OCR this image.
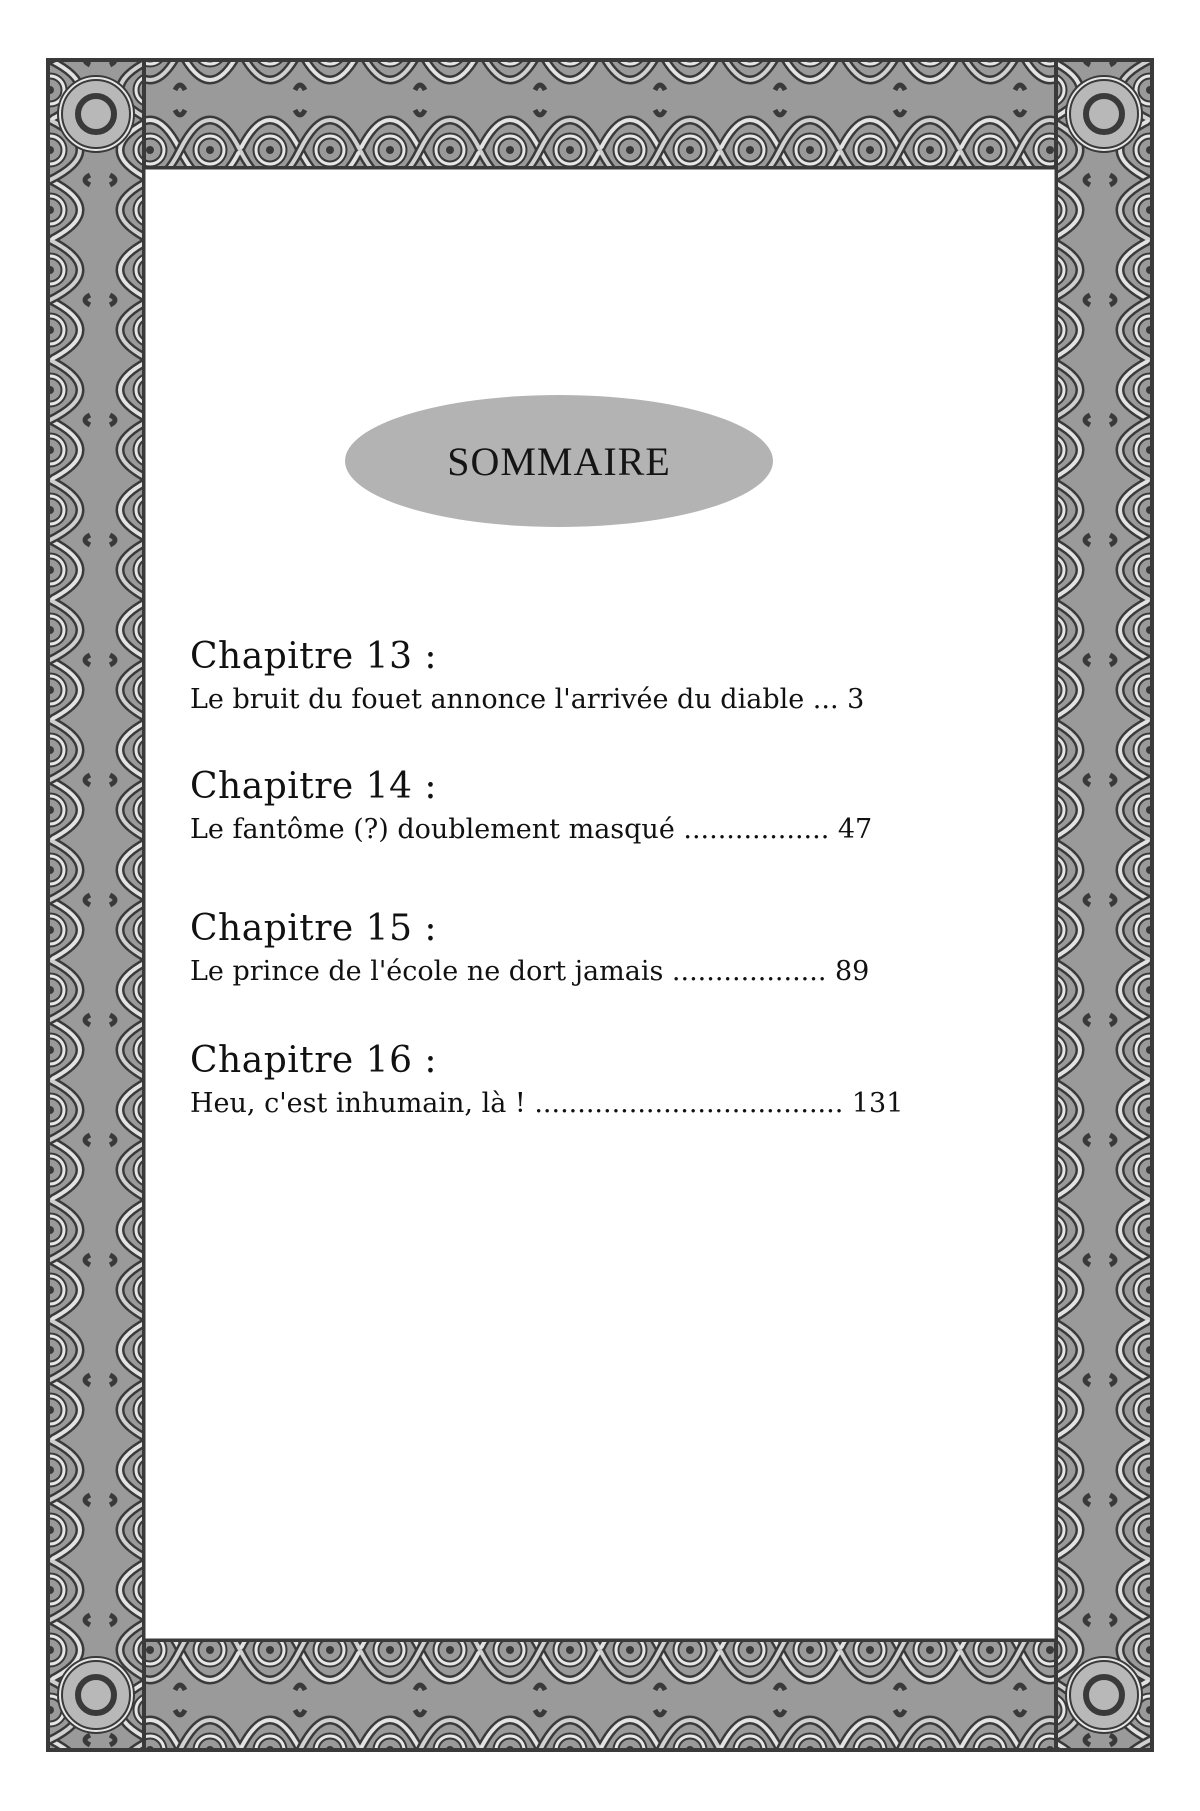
SOMMAIRE
Chapitre 13 :
Le bruit du fouet annonce l'arrivée du diable ... 3
Chapitre 14 :
Le fantôme (?) doublement masqué ................. 47
Chapitre 15 :
Le prince de l'école ne dort jamais .................. 89
Chapitre 16 :
Heu, c'est inhumain, là ! .................................... 131
